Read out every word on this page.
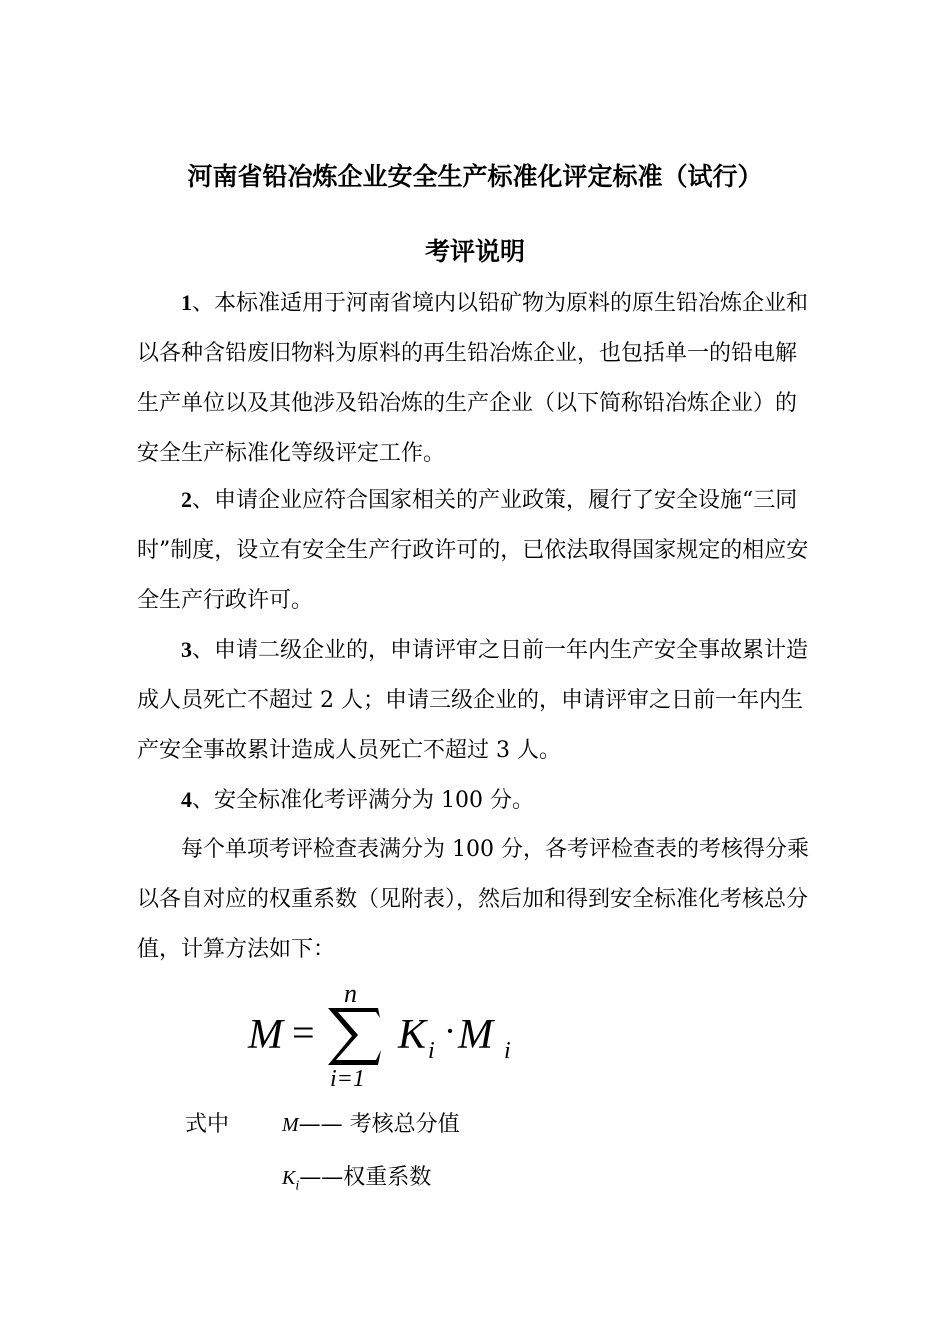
河南省铅冶炼企业安全生产标准化评定标准（试行）
考评说明
1、本标准适用于河南省境内以铅矿物为原料的原生铅冶炼企业和以各种含铅废旧物料为原料的再生铅冶炼企业，也包括单一的铅电解生产单位以及其他涉及铅冶炼的生产企业（以下简称铅冶炼企业）的安全生产标准化等级评定工作。
2、申请企业应符合国家相关的产业政策，履行了安全设施“三同时”制度，设立有安全生产行政许可的，已依法取得国家规定的相应安全生产行政许可。
3、申请二级企业的，申请评审之日前一年内生产安全事故累计造成人员死亡不超过 2 人；申请三级企业的，申请评审之日前一年内生产安全事故累计造成人员死亡不超过 3 人。
4、安全标准化考评满分为 100 分。
每个单项考评检查表满分为 100 分，各考评检查表的考核得分乘以各自对应的权重系数（见附表），然后加和得到安全标准化考核总分值，计算方法如下：
M =
n
i=1
K i · M i
式中	M—— 考核总分值
$K_i——$权重系数
